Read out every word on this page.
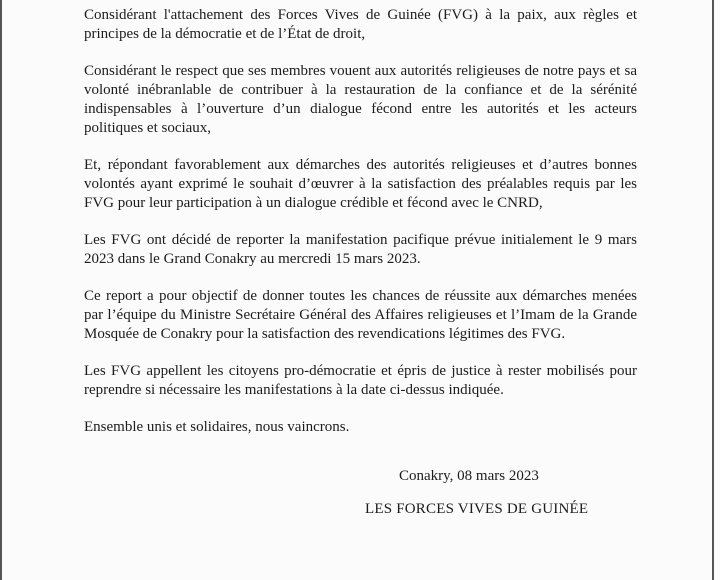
Considérant l'attachement des Forces Vives de Guinée (FVG) à la paix, aux règles et principes de la démocratie et de l’État de droit,

Considérant le respect que ses membres vouent aux autorités religieuses de notre pays et sa volonté inébranlable de contribuer à la restauration de la confiance et de la sérénité indispensables à l’ouverture d’un dialogue fécond entre les autorités et les acteurs politiques et sociaux,

Et, répondant favorablement aux démarches des autorités religieuses et d’autres bonnes volontés ayant exprimé le souhait d’œuvrer à la satisfaction des préalables requis par les FVG pour leur participation à un dialogue crédible et fécond avec le CNRD,

Les FVG ont décidé de reporter la manifestation pacifique prévue initialement le 9 mars 2023 dans le Grand Conakry au mercredi 15 mars 2023.

Ce report a pour objectif de donner toutes les chances de réussite aux démarches menées par l’équipe du Ministre Secrétaire Général des Affaires religieuses et l’Imam de la Grande Mosquée de Conakry pour la satisfaction des revendications légitimes des FVG.

Les FVG appellent les citoyens pro-démocratie et épris de justice à rester mobilisés pour reprendre si nécessaire les manifestations à la date ci-dessus indiquée.

Ensemble unis et solidaires, nous vaincrons.

Conakry, 08 mars 2023
LES FORCES VIVES DE GUINÉE
